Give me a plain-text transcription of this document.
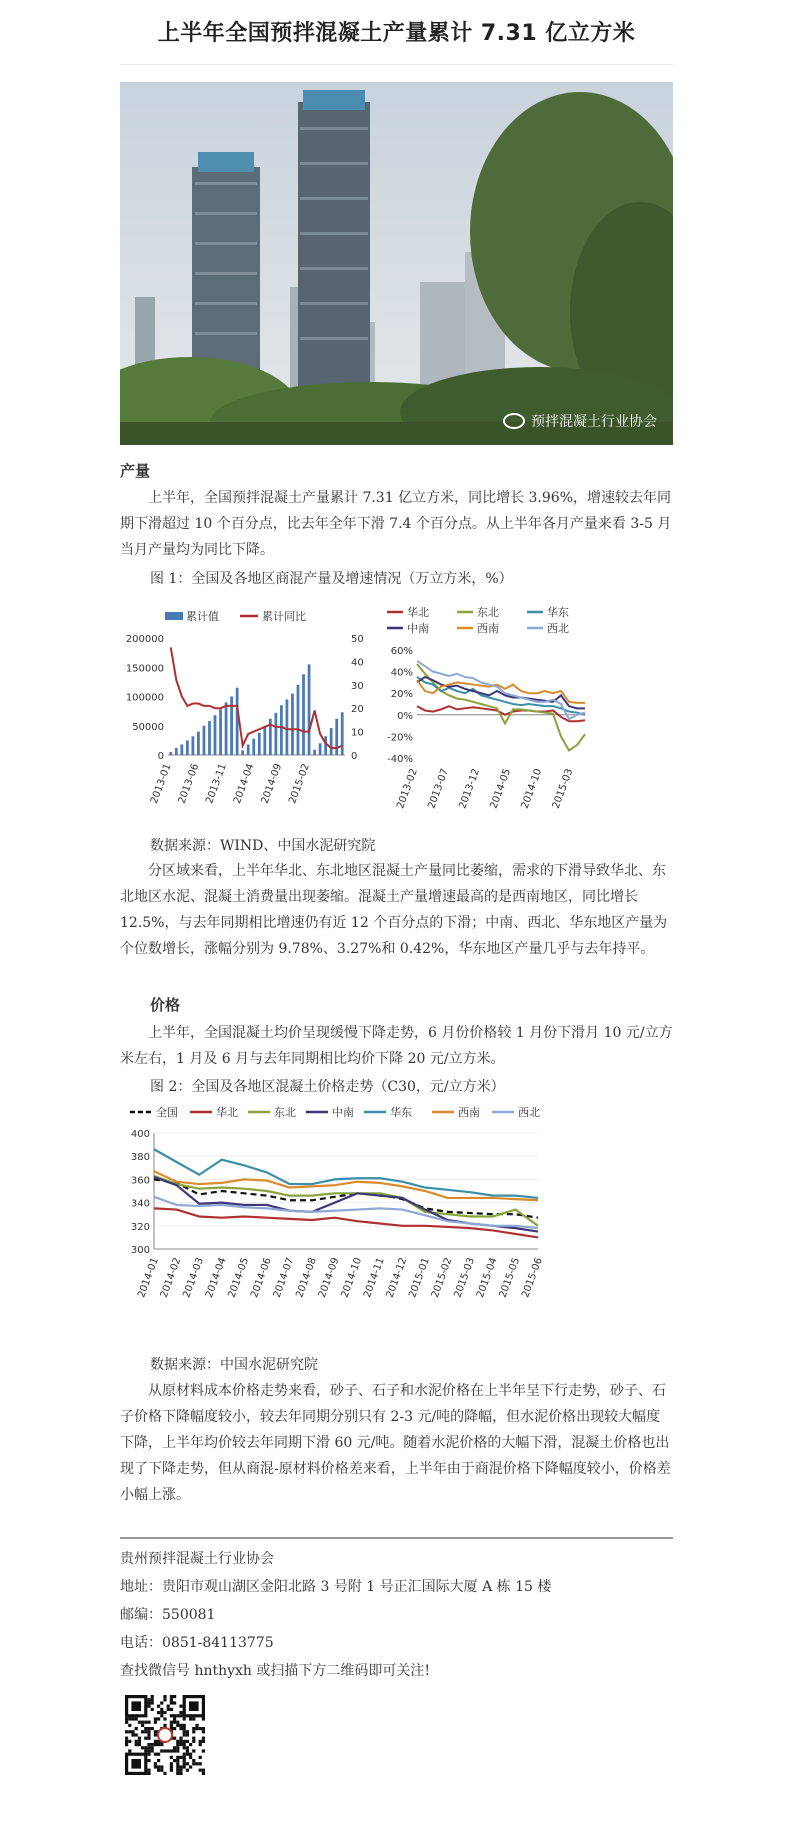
上半年全国预拌混凝土产量累计 7.31 亿立方米
预拌混凝土行业协会
产量

上半年，全国预拌混凝土产量累计 7.31 亿立方米，同比增长 3.96%，增速较去年同期下滑超过 10 个百分点，比去年全年下滑 7.4 个百分点。从上半年各月产量来看 3-5 月当月产量均为同比下降。

图 1：全国及各地区商混产量及增速情况（万立方米，%）
累计值	累计同比
200000
150000
100000
50000
0
50
40
30
20
10
0
2013-01 2013-06 2013-11 2014-04 2014-09 2015-02
华北	东北	华东
中南	西南	西北
60%
40%
20%
0%
-20%
-40%
2013-02 2013-07 2013-12 2014-05 2014-10 2015-03
数据来源：WIND、中国水泥研究院

分区域来看，上半年华北、东北地区混凝土产量同比萎缩，需求的下滑导致华北、东北地区水泥、混凝土消费量出现萎缩。混凝土产量增速最高的是西南地区，同比增长 12.5%，与去年同期相比增速仍有近 12 个百分点的下滑；中南、西北、华东地区产量为个位数增长，涨幅分别为 9.78%、3.27%和 0.42%，华东地区产量几乎与去年持平。

价格

上半年，全国混凝土均价呈现缓慢下降走势，6 月份价格较 1 月份下滑月 10 元/立方米左右，1 月及 6 月与去年同期相比均价下降 20 元/立方米。

图 2：全国及各地区混凝土价格走势（C30，元/立方米）
全国	华北	东北	中南	华东	西南	西北
400
380
360
340
320
300
2014-01
2014-02
2014-03
2014-04
2014-05
2014-06
2014-07
2014-08
2014-09
2014-10
2014-11
2014-12
2015-01
2015-02
2015-03
2015-04
2015-05
2015-06
数据来源：中国水泥研究院

从原材料成本价格走势来看，砂子、石子和水泥价格在上半年呈下行走势，砂子、石子价格下降幅度较小，较去年同期分别只有 2-3 元/吨的降幅，但水泥价格出现较大幅度下降，上半年均价较去年同期下滑 60 元/吨。随着水泥价格的大幅下滑，混凝土价格也出现了下降走势，但从商混-原材料价格差来看，上半年由于商混价格下降幅度较小，价格差小幅上涨。

贵州预拌混凝土行业协会
地址：贵阳市观山湖区金阳北路 3 号附 1 号正汇国际大厦 A 栋 15 楼
邮编：550081
电话：0851-84113775
查找微信号 hnthyxh 或扫描下方二维码即可关注!
